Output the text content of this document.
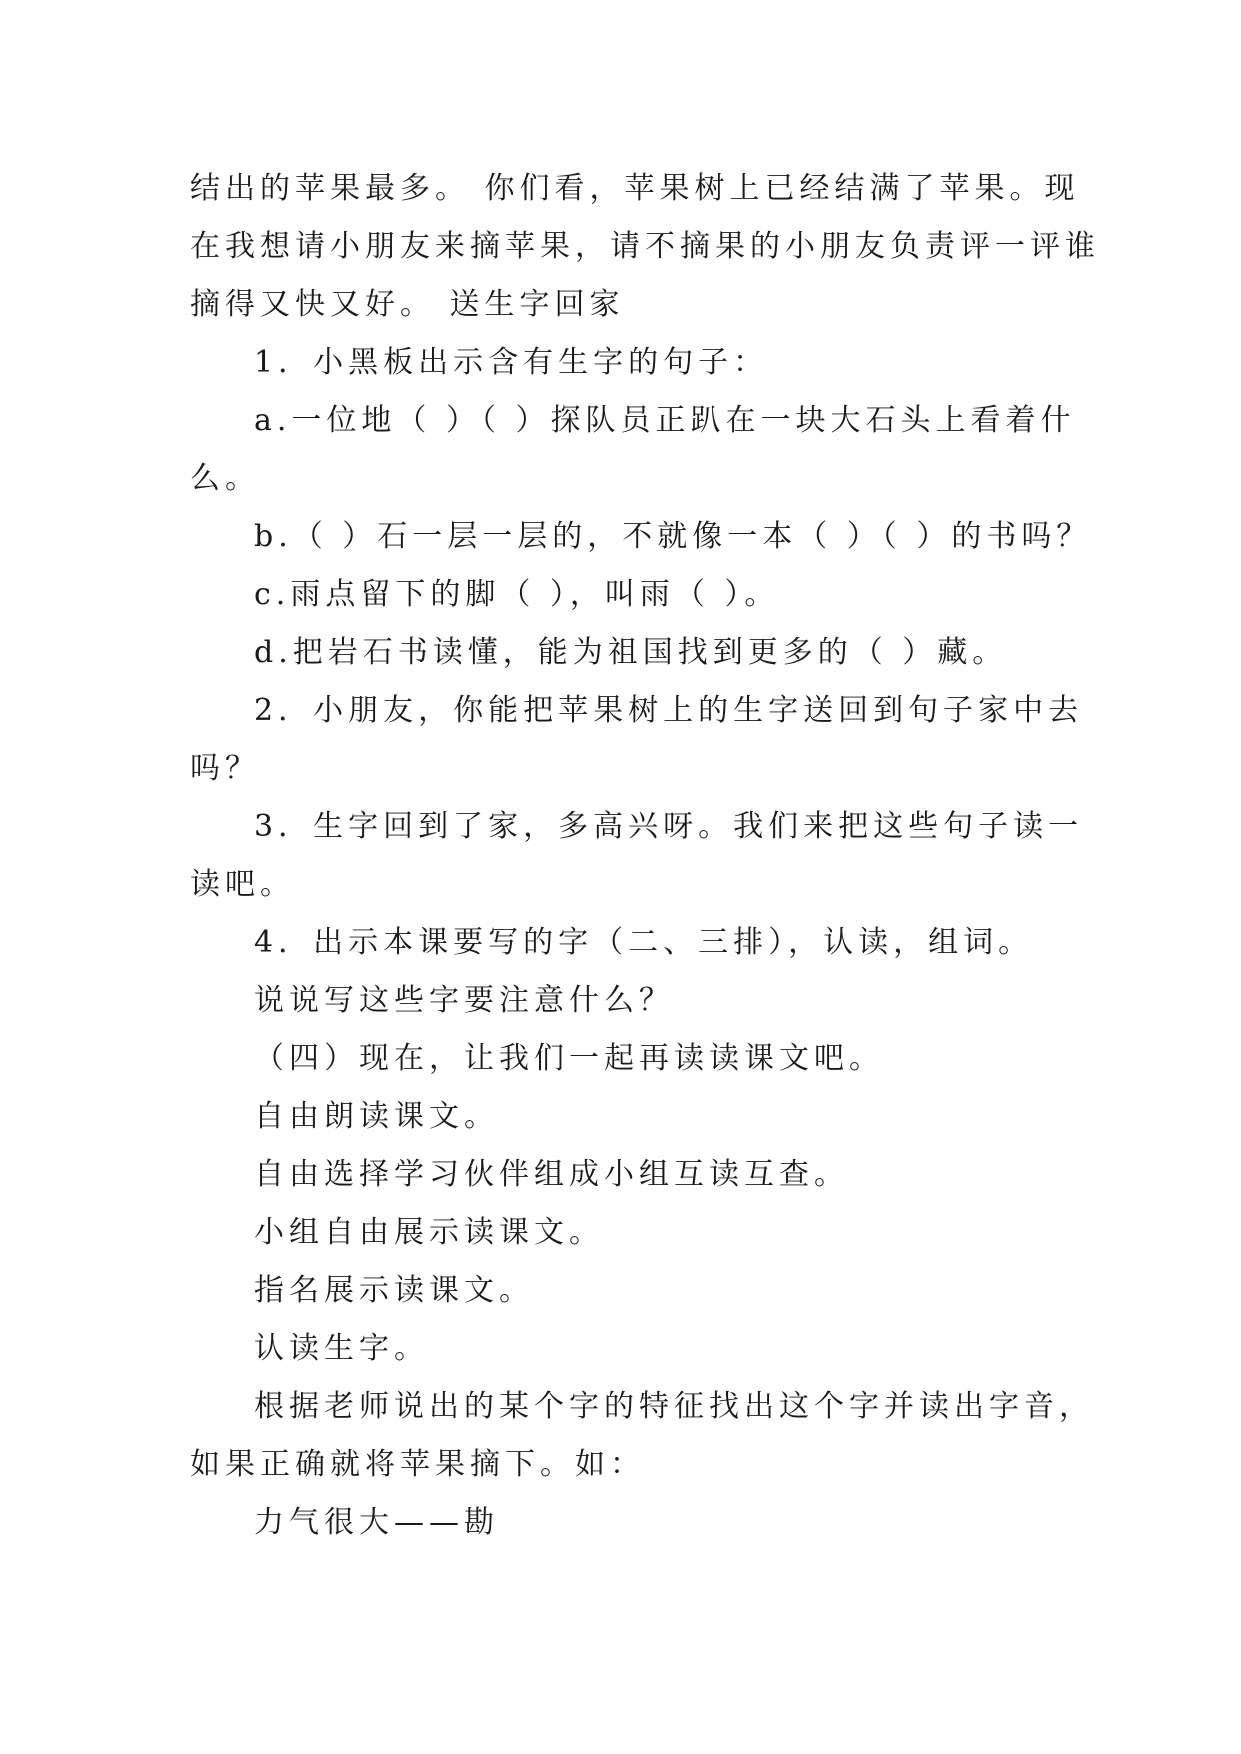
结出的苹果最多。 你们看，苹果树上已经结满了苹果。现
在我想请小朋友来摘苹果，请不摘果的小朋友负责评一评谁
摘得又快又好。 送生字回家
1．小黑板出示含有生字的句子：
a.一位地（ ）（ ）探队员正趴在一块大石头上看着什
么。
b.（ ）石一层一层的，不就像一本（ ）（ ）的书吗？
c.雨点留下的脚（ ），叫雨（ ）。
d.把岩石书读懂，能为祖国找到更多的（ ）藏。
2．小朋友，你能把苹果树上的生字送回到句子家中去
吗？
3．生字回到了家，多高兴呀。我们来把这些句子读一
读吧。
4．出示本课要写的字（二、三排），认读，组词。
说说写这些字要注意什么？
（四）现在，让我们一起再读读课文吧。
自由朗读课文。
自由选择学习伙伴组成小组互读互查。
小组自由展示读课文。
指名展示读课文。
认读生字。
根据老师说出的某个字的特征找出这个字并读出字音，
如果正确就将苹果摘下。如：
力气很大——勘
